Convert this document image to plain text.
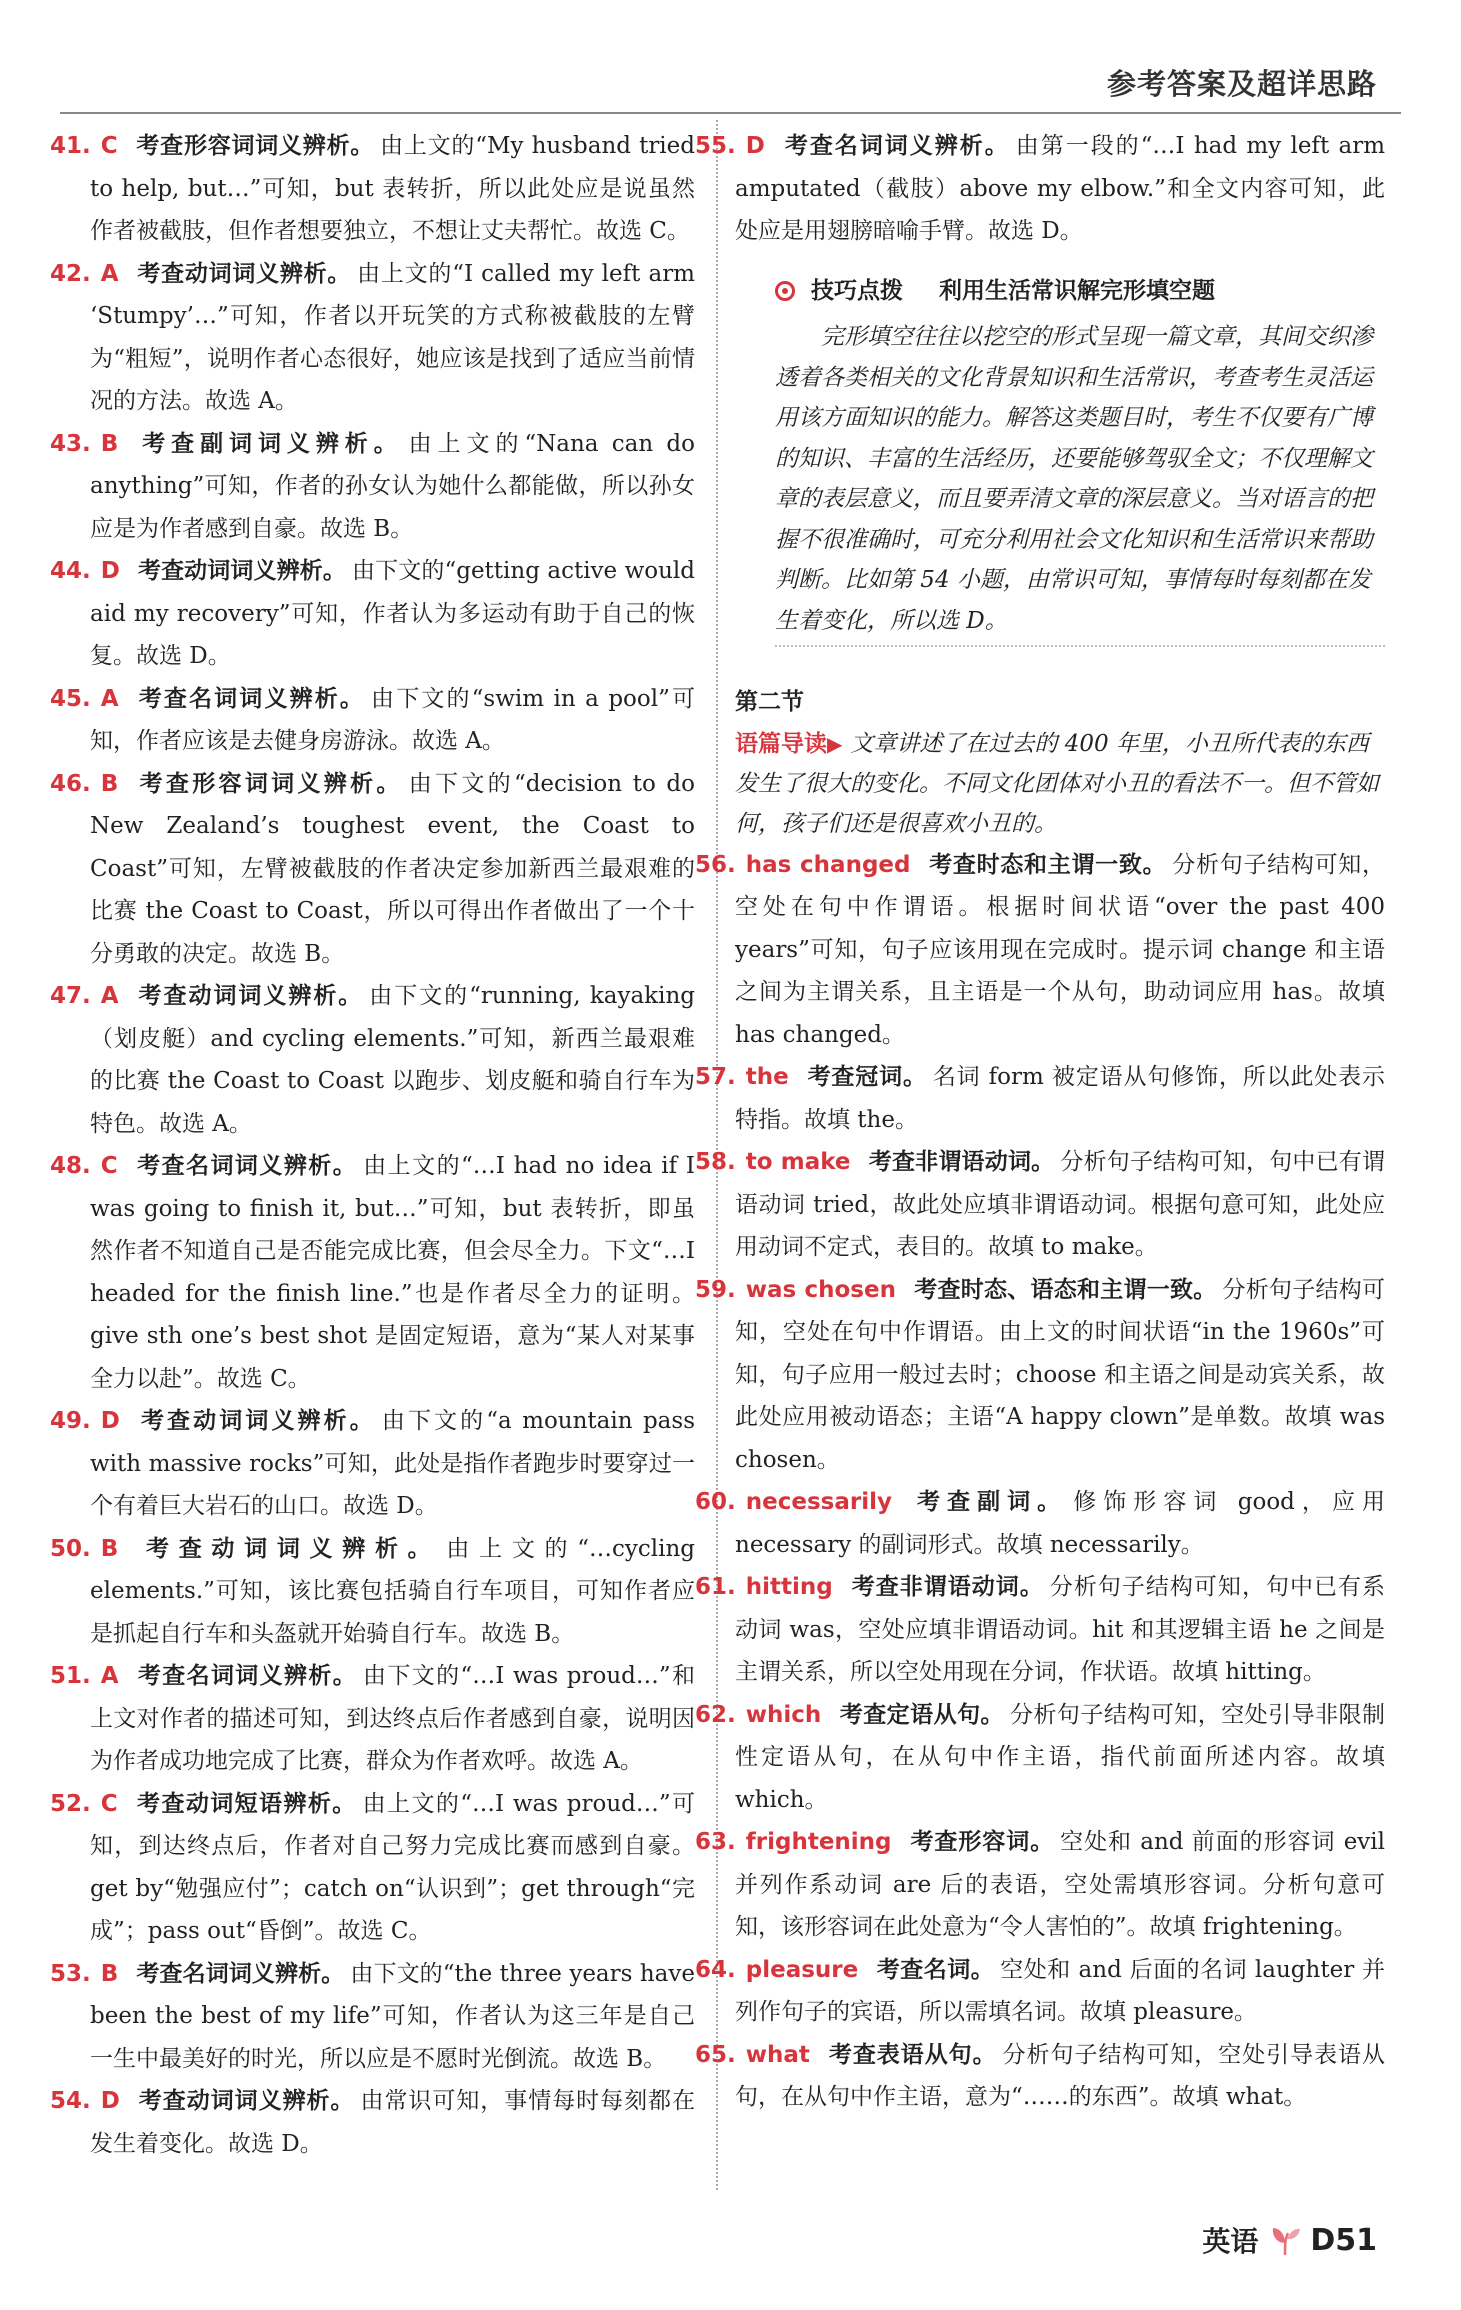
参考答案及超详思路
41. C 考查形容词词义辨析。 由上文的“My husband tried to help, but…”可知，but 表转折，所以此处应是说虽然作者被截肢，但作者想要独立，不想让丈夫帮忙。故选 C。
42. A 考查动词词义辨析。 由上文的“I called my left arm ‘Stumpy’…”可知，作者以开玩笑的方式称被截肢的左臂为“粗短”，说明作者心态很好，她应该是找到了适应当前情况的方法。故选 A。
43. B 考查副词词义辨析。 由上文的“Nana can do anything”可知，作者的孙女认为她什么都能做，所以孙女应是为作者感到自豪。故选 B。
44. D 考查动词词义辨析。 由下文的“getting active would aid my recovery”可知，作者认为多运动有助于自己的恢复。故选 D。
45. A 考查名词词义辨析。 由下文的“swim in a pool”可知，作者应该是去健身房游泳。故选 A。
46. B 考查形容词词义辨析。 由下文的“decision to do New Zealand’s toughest event, the Coast to Coast”可知，左臂被截肢的作者决定参加新西兰最艰难的比赛 the Coast to Coast，所以可得出作者做出了一个十分勇敢的决定。故选 B。
47. A 考查动词词义辨析。 由下文的“running, kayaking（划皮艇）and cycling elements.”可知，新西兰最艰难的比赛 the Coast to Coast 以跑步、划皮艇和骑自行车为特色。故选 A。
48. C 考查名词词义辨析。 由上文的“…I had no idea if I was going to finish it, but…”可知，but 表转折，即虽然作者不知道自己是否能完成比赛，但会尽全力。下文“…I headed for the finish line.”也是作者尽全力的证明。give sth one’s best shot 是固定短语，意为“某人对某事全力以赴”。故选 C。
49. D 考查动词词义辨析。 由下文的“a mountain pass with massive rocks”可知，此处是指作者跑步时要穿过一个有着巨大岩石的山口。故选 D。
50. B 考查动词词义辨析。 由上文的“…cycling elements.”可知，该比赛包括骑自行车项目，可知作者应是抓起自行车和头盔就开始骑自行车。故选 B。
51. A 考查名词词义辨析。 由下文的“…I was proud…”和上文对作者的描述可知，到达终点后作者感到自豪，说明因为作者成功地完成了比赛，群众为作者欢呼。故选 A。
52. C 考查动词短语辨析。 由上文的“…I was proud…”可知，到达终点后，作者对自己努力完成比赛而感到自豪。get by“勉强应付”；catch on“认识到”；get through“完成”；pass out“昏倒”。故选 C。
53. B 考查名词词义辨析。 由下文的“the three years have been the best of my life”可知，作者认为这三年是自己一生中最美好的时光，所以应是不愿时光倒流。故选 B。
54. D 考查动词词义辨析。 由常识可知，事情每时每刻都在发生着变化。故选 D。
55. D 考查名词词义辨析。 由第一段的“…I had my left arm amputated（截肢）above my elbow.”和全文内容可知，此处应是用翅膀暗喻手臂。故选 D。
技巧点拨 利用生活常识解完形填空题
完形填空往往以挖空的形式呈现一篇文章，其间交织渗透着各类相关的文化背景知识和生活常识，考查考生灵活运用该方面知识的能力。解答这类题目时，考生不仅要有广博的知识、丰富的生活经历，还要能够驾驭全文；不仅理解文章的表层意义，而且要弄清文章的深层意义。当对语言的把握不很准确时，可充分利用社会文化知识和生活常识来帮助判断。比如第 54 小题，由常识可知，事情每时每刻都在发生着变化，所以选 D。
第二节
语篇导读▶ 文章讲述了在过去的 400 年里，小丑所代表的东西发生了很大的变化。不同文化团体对小丑的看法不一。但不管如何，孩子们还是很喜欢小丑的。
56. has changed 考查时态和主谓一致。 分析句子结构可知，空处在句中作谓语。根据时间状语“over the past 400 years”可知，句子应该用现在完成时。提示词 change 和主语之间为主谓关系，且主语是一个从句，助动词应用 has。故填 has changed。
57. the 考查冠词。 名词 form 被定语从句修饰，所以此处表示特指。故填 the。
58. to make 考查非谓语动词。 分析句子结构可知，句中已有谓语动词 tried，故此处应填非谓语动词。根据句意可知，此处应用动词不定式，表目的。故填 to make。
59. was chosen 考查时态、语态和主谓一致。 分析句子结构可知，空处在句中作谓语。由上文的时间状语“in the 1960s”可知，句子应用一般过去时；choose 和主语之间是动宾关系，故此处应用被动语态；主语“A happy clown”是单数。故填 was chosen。
60. necessarily 考查副词。 修饰形容词 good，应用 necessary 的副词形式。故填 necessarily。
61. hitting 考查非谓语动词。 分析句子结构可知，句中已有系动词 was，空处应填非谓语动词。hit 和其逻辑主语 he 之间是主谓关系，所以空处用现在分词，作状语。故填 hitting。
62. which 考查定语从句。 分析句子结构可知，空处引导非限制性定语从句，在从句中作主语，指代前面所述内容。故填 which。
63. frightening 考查形容词。 空处和 and 前面的形容词 evil 并列作系动词 are 后的表语，空处需填形容词。分析句意可知，该形容词在此处意为“令人害怕的”。故填 frightening。
64. pleasure 考查名词。 空处和 and 后面的名词 laughter 并列作句子的宾语，所以需填名词。故填 pleasure。
65. what 考查表语从句。 分析句子结构可知，空处引导表语从句，在从句中作主语，意为“……的东西”。故填 what。
英语 D51
